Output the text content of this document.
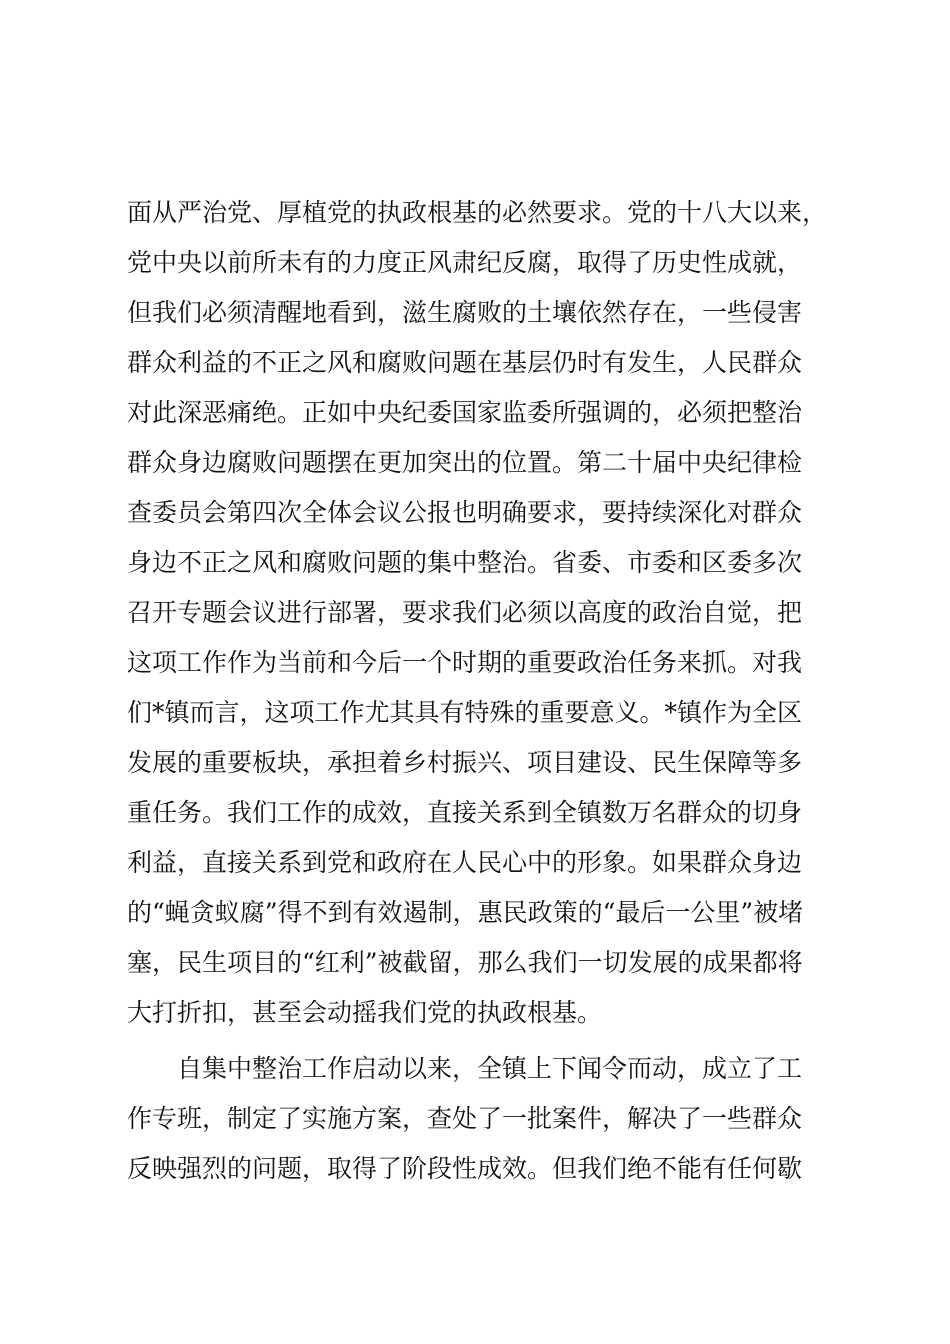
面从严治党、厚植党的执政根基的必然要求。党的十八大以来，
党中央以前所未有的力度正风肃纪反腐，取得了历史性成就，
但我们必须清醒地看到，滋生腐败的土壤依然存在，一些侵害
群众利益的不正之风和腐败问题在基层仍时有发生，人民群众
对此深恶痛绝。正如中央纪委国家监委所强调的，必须把整治
群众身边腐败问题摆在更加突出的位置。第二十届中央纪律检
查委员会第四次全体会议公报也明确要求，要持续深化对群众
身边不正之风和腐败问题的集中整治。省委、市委和区委多次
召开专题会议进行部署，要求我们必须以高度的政治自觉，把
这项工作作为当前和今后一个时期的重要政治任务来抓。对我
们*镇而言，这项工作尤其具有特殊的重要意义。*镇作为全区
发展的重要板块，承担着乡村振兴、项目建设、民生保障等多
重任务。我们工作的成效，直接关系到全镇数万名群众的切身
利益，直接关系到党和政府在人民心中的形象。如果群众身边
的“蝇贪蚁腐”得不到有效遏制，惠民政策的“最后一公里”被堵
塞，民生项目的“红利”被截留，那么我们一切发展的成果都将
大打折扣，甚至会动摇我们党的执政根基。
自集中整治工作启动以来，全镇上下闻令而动，成立了工
作专班，制定了实施方案，查处了一批案件，解决了一些群众
反映强烈的问题，取得了阶段性成效。但我们绝不能有任何歇
